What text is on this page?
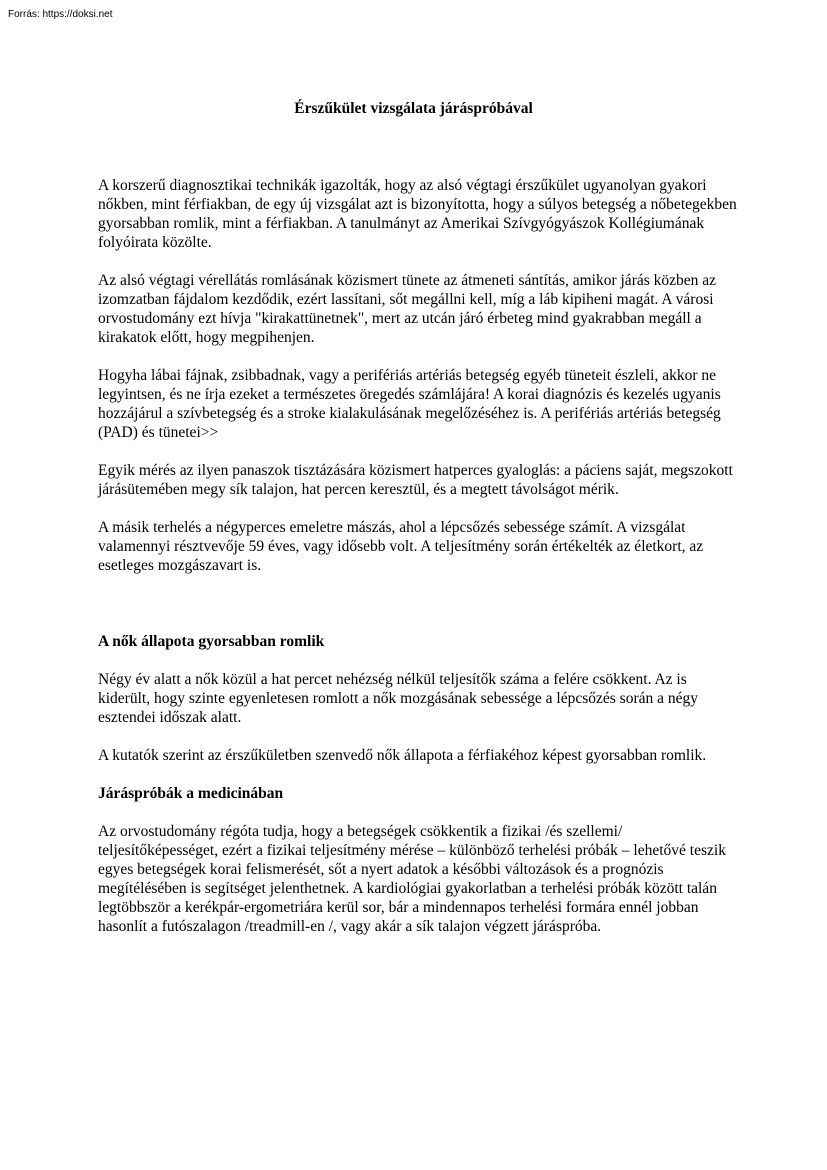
Forrás: https://doksi.net
Érszűkület vizsgálata járáspróbával

A korszerű diagnosztikai technikák igazolták, hogy az alsó végtagi érszűkület ugyanolyan gyakori nőkben, mint férfiakban, de egy új vizsgálat azt is bizonyította, hogy a súlyos betegség a nőbetegekben gyorsabban romlik, mint a férfiakban. A tanulmányt az Amerikai Szívgyógyászok Kollégiumának folyóirata közölte.

Az alsó végtagi vérellátás romlásának közismert tünete az átmeneti sántítás, amikor járás közben az izomzatban fájdalom kezdődik, ezért lassítani, sőt megállni kell, míg a láb kipiheni magát. A városi orvostudomány ezt hívja "kirakattünetnek", mert az utcán járó érbeteg mind gyakrabban megáll a kirakatok előtt, hogy megpihenjen.

Hogyha lábai fájnak, zsibbadnak, vagy a perifériás artériás betegség egyéb tüneteit észleli, akkor ne legyintsen, és ne írja ezeket a természetes öregedés számlájára! A korai diagnózis és kezelés ugyanis hozzájárul a szívbetegség és a stroke kialakulásának megelőzéséhez is. A perifériás artériás betegség (PAD) és tünetei>>

Egyik mérés az ilyen panaszok tisztázására közismert hatperces gyaloglás: a páciens saját, megszokott járásütemében megy sík talajon, hat percen keresztül, és a megtett távolságot mérik.

A másik terhelés a négyperces emeletre mászás, ahol a lépcsőzés sebessége számít. A vizsgálat valamennyi résztvevője 59 éves, vagy idősebb volt. A teljesítmény során értékelték az életkort, az esetleges mozgászavart is.

A nők állapota gyorsabban romlik

Négy év alatt a nők közül a hat percet nehézség nélkül teljesítők száma a felére csökkent. Az is kiderült, hogy szinte egyenletesen romlott a nők mozgásának sebessége a lépcsőzés során a négy esztendei időszak alatt.

A kutatók szerint az érszűkületben szenvedő nők állapota a férfiakéhoz képest gyorsabban romlik.

Járáspróbák a medicinában

Az orvostudomány régóta tudja, hogy a betegségek csökkentik a fizikai /és szellemi/ teljesítőképességet, ezért a fizikai teljesítmény mérése – különböző terhelési próbák – lehetővé teszik egyes betegségek korai felismerését, sőt a nyert adatok a későbbi változások és a prognózis megítélésében is segítséget jelenthetnek. A kardiológiai gyakorlatban a terhelési próbák között talán legtöbbször a kerékpár-ergometriára kerül sor, bár a mindennapos terhelési formára ennél jobban hasonlít a futószalagon /treadmill-en /, vagy akár a sík talajon végzett járáspróba.
